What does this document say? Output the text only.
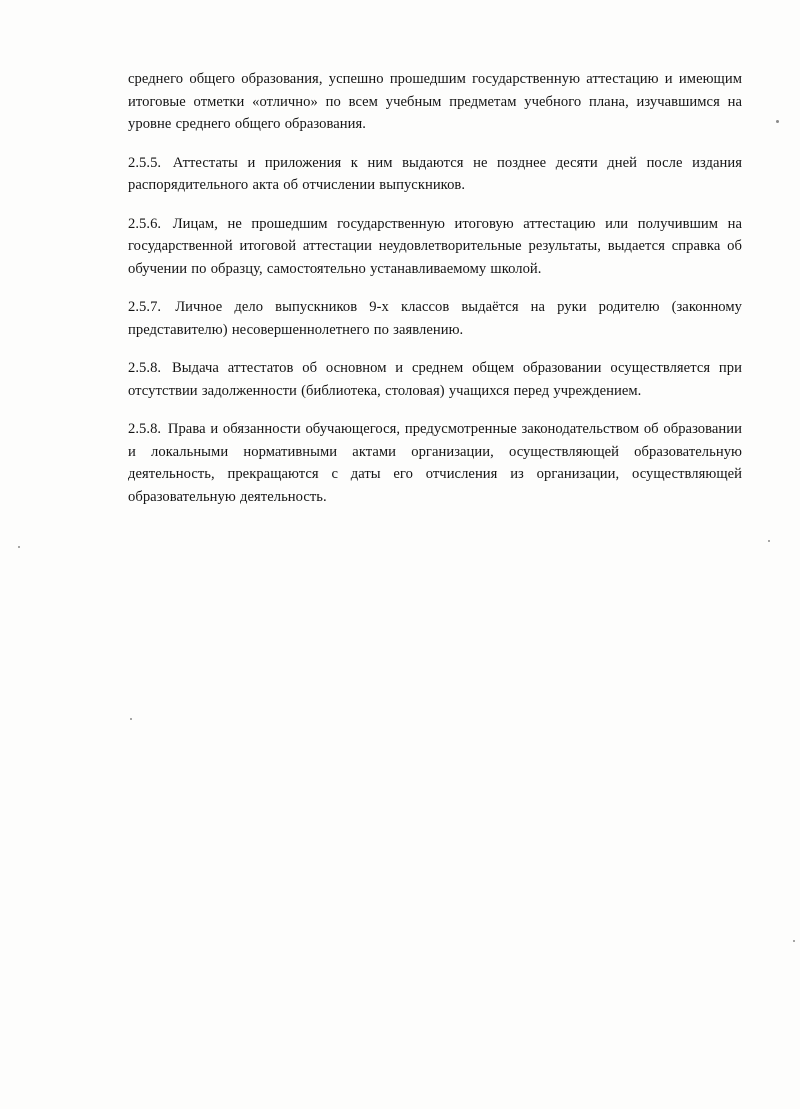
среднего общего образования, успешно прошедшим государственную аттестацию и имеющим итоговые отметки «отлично» по всем учебным предметам учебного плана, изучавшимся на уровне среднего общего образования.

2.5.5. Аттестаты и приложения к ним выдаются не позднее десяти дней после издания распорядительного акта об отчислении выпускников.

2.5.6. Лицам, не прошедшим государственную итоговую аттестацию или получившим на государственной итоговой аттестации неудовлетворительные результаты, выдается справка об обучении по образцу, самостоятельно устанавливаемому школой.

2.5.7. Личное дело выпускников 9-х классов выдаётся на руки родителю (законному представителю) несовершеннолетнего по заявлению.

2.5.8. Выдача аттестатов об основном и среднем общем образовании осуществляется при отсутствии задолженности (библиотека, столовая) учащихся перед учреждением.

2.5.8. Права и обязанности обучающегося, предусмотренные законодательством об образовании и локальными нормативными актами организации, осуществляющей образовательную деятельность, прекращаются с даты его отчисления из организации, осуществляющей образовательную деятельность.
